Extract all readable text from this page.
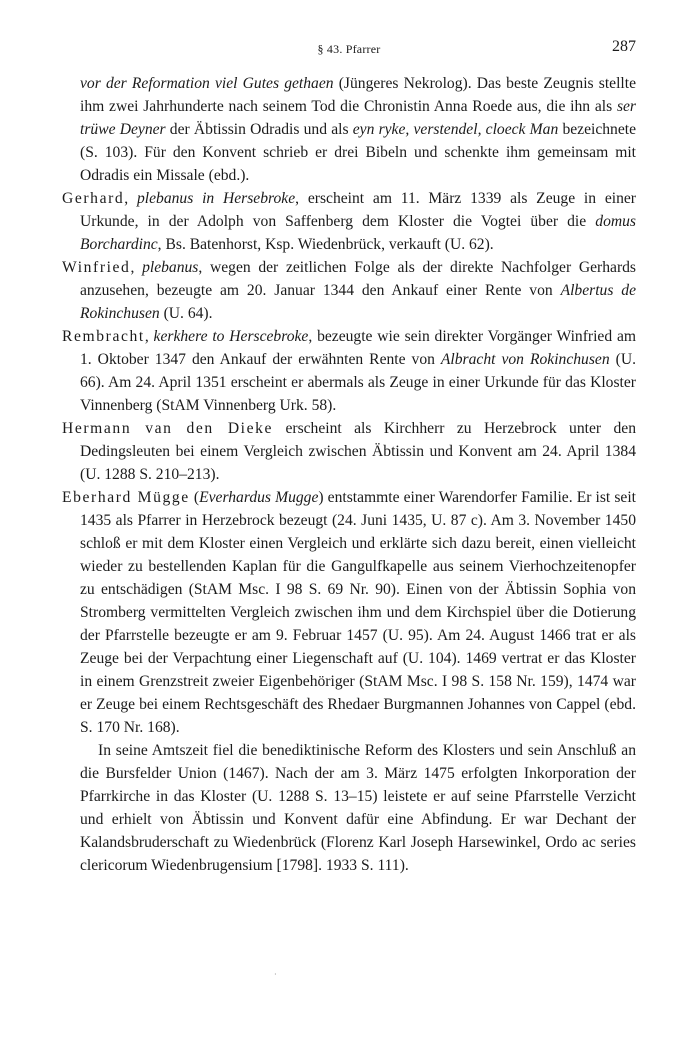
§ 43. Pfarrer	287

vor der Reformation viel Gutes gethaen (Jüngeres Nekrolog). Das beste Zeugnis stellte ihm zwei Jahrhunderte nach seinem Tod die Chronistin Anna Roede aus, die ihn als ser trüwe Deyner der Äbtissin Odradis und als eyn ryke, verstendel, cloeck Man bezeichnete (S. 103). Für den Konvent schrieb er drei Bibeln und schenkte ihm gemeinsam mit Odradis ein Missale (ebd.).

Gerhard, plebanus in Hersebroke, erscheint am 11. März 1339 als Zeuge in einer Urkunde, in der Adolph von Saffenberg dem Kloster die Vogtei über die domus Borchardinc, Bs. Batenhorst, Ksp. Wiedenbrück, verkauft (U. 62).

Winfried, plebanus, wegen der zeitlichen Folge als der direkte Nachfolger Gerhards anzusehen, bezeugte am 20. Januar 1344 den Ankauf einer Rente von Albertus de Rokinchusen (U. 64).

Rembracht, kerkhere to Herscebroke, bezeugte wie sein direkter Vorgänger Winfried am 1. Oktober 1347 den Ankauf der erwähnten Rente von Albracht von Rokinchusen (U. 66). Am 24. April 1351 erscheint er abermals als Zeuge in einer Urkunde für das Kloster Vinnenberg (StAM Vinnenberg Urk. 58).

Hermann van den Dieke erscheint als Kirchherr zu Herzebrock unter den Dedingsleuten bei einem Vergleich zwischen Äbtissin und Konvent am 24. April 1384 (U. 1288 S. 210–213).

Eberhard Mügge (Everhardus Mugge) entstammte einer Warendorfer Familie. Er ist seit 1435 als Pfarrer in Herzebrock bezeugt (24. Juni 1435, U. 87 c). Am 3. November 1450 schloß er mit dem Kloster einen Vergleich und erklärte sich dazu bereit, einen vielleicht wieder zu bestellenden Kaplan für die Gangulfkapelle aus seinem Vierhochzeitenopfer zu entschädigen (StAM Msc. I 98 S. 69 Nr. 90). Einen von der Äbtissin Sophia von Stromberg vermittelten Vergleich zwischen ihm und dem Kirchspiel über die Dotierung der Pfarrstelle bezeugte er am 9. Februar 1457 (U. 95). Am 24. August 1466 trat er als Zeuge bei der Verpachtung einer Liegenschaft auf (U. 104). 1469 vertrat er das Kloster in einem Grenzstreit zweier Eigenbehöriger (StAM Msc. I 98 S. 158 Nr. 159), 1474 war er Zeuge bei einem Rechtsgeschäft des Rhedaer Burgmannen Johannes von Cappel (ebd. S. 170 Nr. 168).

In seine Amtszeit fiel die benediktinische Reform des Klosters und sein Anschluß an die Bursfelder Union (1467). Nach der am 3. März 1475 erfolgten Inkorporation der Pfarrkirche in das Kloster (U. 1288 S. 13–15) leistete er auf seine Pfarrstelle Verzicht und erhielt von Äbtissin und Konvent dafür eine Abfindung. Er war Dechant der Kalandsbruderschaft zu Wiedenbrück (Florenz Karl Joseph Harsewinkel, Ordo ac series clericorum Wiedenbrugensium [1798]. 1933 S. 111).

·
